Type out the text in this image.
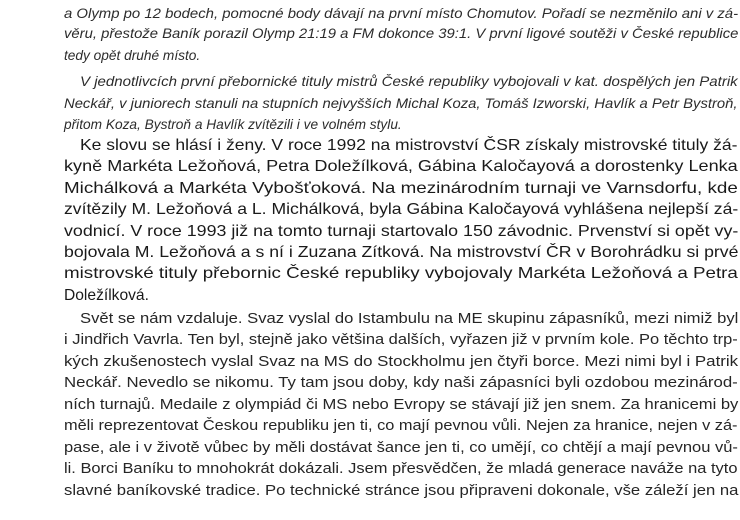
a Olymp po 12 bodech, pomocné body dávají na první místo Chomutov. Pořadí se nezměnilo ani v zá-
věru, přestože Baník porazil Olymp 21:19 a FM dokonce 39:1. V první ligové soutěži v České republice
tedy opět druhé místo.
V jednotlivcích první přebornické tituly mistrů České republiky vybojovali v kat. dospělých jen Patrik
Neckář, v juniorech stanuli na stupních nejvyšších Michal Koza, Tomáš Izworski, Havlík a Petr Bystroň,
přitom Koza, Bystroň a Havlík zvítězili i ve volném stylu.
Ke slovu se hlásí i ženy. V roce 1992 na mistrovství ČSR získaly mistrovské tituly žá-
kyně Markéta Ležoňová, Petra Doležílková, Gábina Kaločayová a dorostenky Lenka
Michálková a Markéta Vybošťoková. Na mezinárodním turnaji ve Varnsdorfu, kde
zvítězily M. Ležoňová a L. Michálková, byla Gábina Kaločayová vyhlášena nejlepší zá-
vodnicí. V roce 1993 již na tomto turnaji startovalo 150 závodnic. Prvenství si opět vy-
bojovala M. Ležoňová a s ní i Zuzana Zítková. Na mistrovství ČR v Borohrádku si prvé
mistrovské tituly přebornic České republiky vybojovaly Markéta Ležoňová a Petra
Doležílková.
Svět se nám vzdaluje. Svaz vyslal do Istambulu na ME skupinu zápasníků, mezi nimiž byl
i Jindřich Vavrla. Ten byl, stejně jako většina dalších, vyřazen již v prvním kole. Po těchto trp-
kých zkušenostech vyslal Svaz na MS do Stockholmu jen čtyři borce. Mezi nimi byl i Patrik
Neckář. Nevedlo se nikomu. Ty tam jsou doby, kdy naši zápasníci byli ozdobou mezinárod-
ních turnajů. Medaile z olympiád či MS nebo Evropy se stávají již jen snem. Za hranicemi by
měli reprezentovat Českou republiku jen ti, co mají pevnou vůli. Nejen za hranice, nejen v zá-
pase, ale i v životě vůbec by měli dostávat šance jen ti, co umějí, co chtějí a mají pevnou vů-
li. Borci Baníku to mnohokrát dokázali. Jsem přesvědčen, že mladá generace naváže na tyto
slavné baníkovské tradice. Po technické stránce jsou připraveni dokonale, vše záleží jen na
